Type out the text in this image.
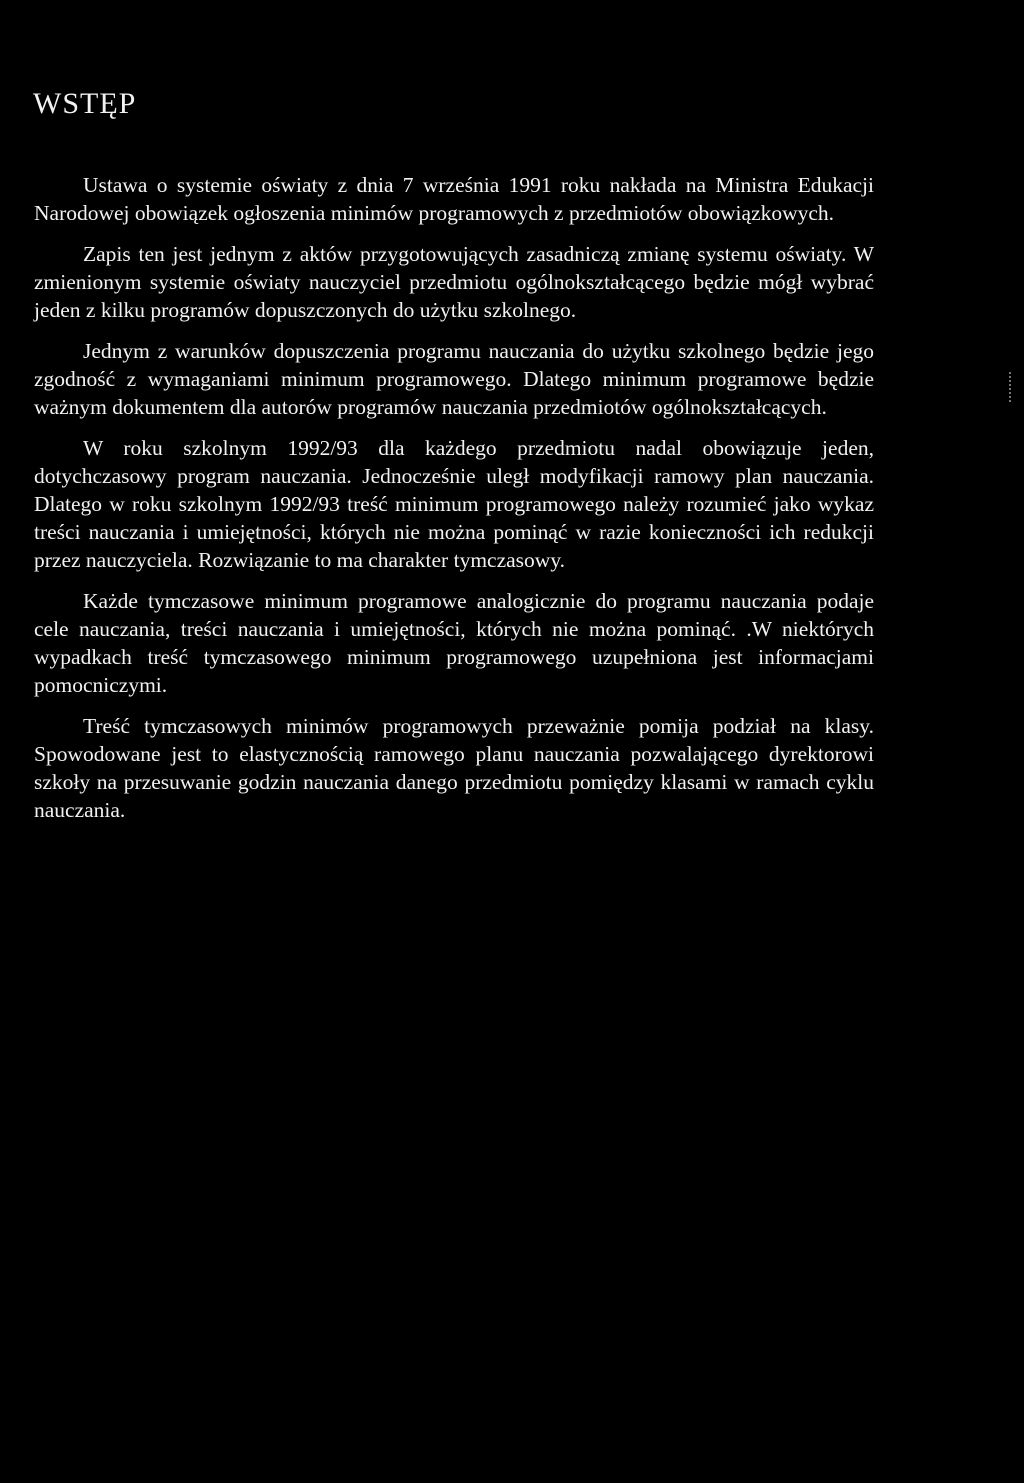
WSTĘP

Ustawa o systemie oświaty z dnia 7 września 1991 roku nakłada na Ministra Edukacji Narodowej obowiązek ogłoszenia minimów programowych z przedmiotów obowiązkowych.

Zapis ten jest jednym z aktów przygotowujących zasadniczą zmianę systemu oświaty. W zmienionym systemie oświaty nauczyciel przedmiotu ogólnokształcącego będzie mógł wybrać jeden z kilku programów dopuszczonych do użytku szkolnego.

Jednym z warunków dopuszczenia programu nauczania do użytku szkolnego będzie jego zgodność z wymaganiami minimum programowego. Dlatego minimum programowe będzie ważnym dokumentem dla autorów programów nauczania przedmiotów ogólnokształcących.

W roku szkolnym 1992/93 dla każdego przedmiotu nadal obowiązuje jeden, dotychczasowy program nauczania. Jednocześnie uległ modyfikacji ramowy plan nauczania. Dlatego w roku szkolnym 1992/93 treść minimum programowego należy rozumieć jako wykaz treści nauczania i umiejętności, których nie można pominąć w razie konieczności ich redukcji przez nauczyciela. Rozwiązanie to ma charakter tymczasowy.

Każde tymczasowe minimum programowe analogicznie do programu nauczania podaje cele nauczania, treści nauczania i umiejętności, których nie można pominąć. .W niektórych wypadkach treść tymczasowego minimum programowego uzupełniona jest informacjami pomocniczymi.

Treść tymczasowych minimów programowych przeważnie pomija podział na klasy. Spowodowane jest to elastycznością ramowego planu nauczania pozwalającego dyrektorowi szkoły na przesuwanie godzin nauczania danego przedmiotu pomiędzy klasami w ramach cyklu nauczania.
